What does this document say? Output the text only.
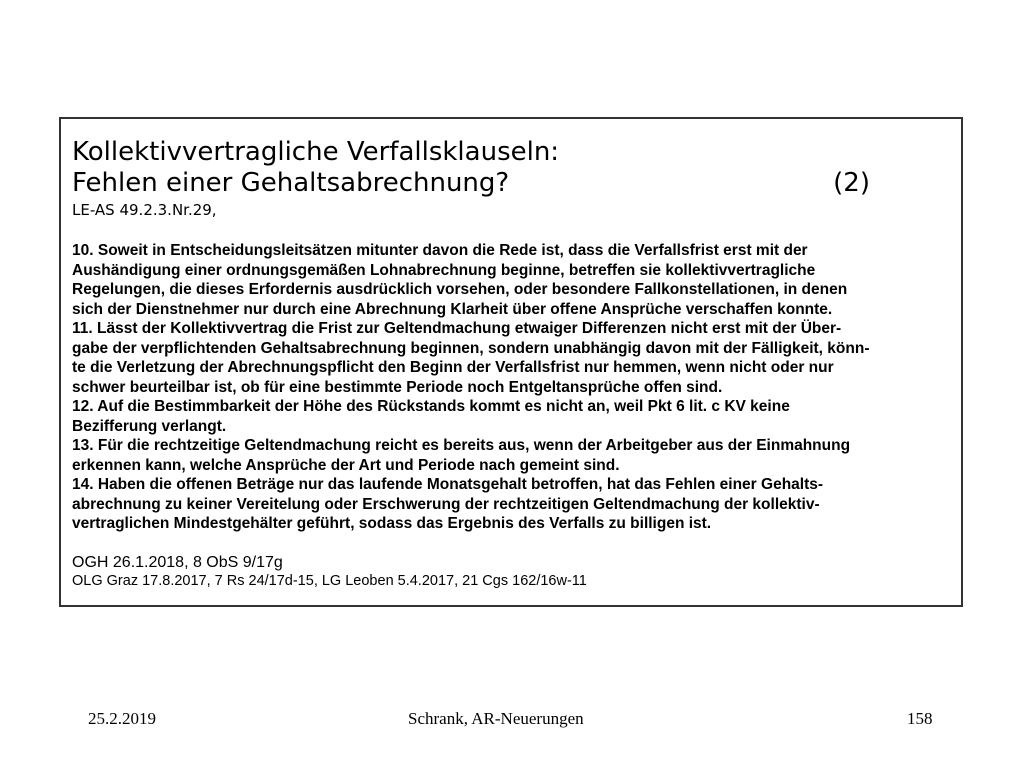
Kollektivvertragliche Verfallsklauseln:
Fehlen einer Gehaltsabrechnung?	(2)

LE-AS 49.2.3.Nr.29,

10. Soweit in Entscheidungsleitsätzen mitunter davon die Rede ist, dass die Verfallsfrist erst mit der
Aushändigung einer ordnungsgemäßen Lohnabrechnung beginne, betreffen sie kollektivvertragliche
Regelungen, die dieses Erfordernis ausdrücklich vorsehen, oder besondere Fallkonstellationen, in denen
sich der Dienstnehmer nur durch eine Abrechnung Klarheit über offene Ansprüche verschaffen konnte.

11. Lässt der Kollektivvertrag die Frist zur Geltendmachung etwaiger Differenzen nicht erst mit der Über-
gabe der verpflichtenden Gehaltsabrechnung beginnen, sondern unabhängig davon mit der Fälligkeit, könn-
te die Verletzung der Abrechnungspflicht den Beginn der Verfallsfrist nur hemmen, wenn nicht oder nur
schwer beurteilbar ist, ob für eine bestimmte Periode noch Entgeltansprüche offen sind.

12. Auf die Bestimmbarkeit der Höhe des Rückstands kommt es nicht an, weil Pkt 6 lit. c KV keine
Bezifferung verlangt.

13. Für die rechtzeitige Geltendmachung reicht es bereits aus, wenn der Arbeitgeber aus der Einmahnung
erkennen kann, welche Ansprüche der Art und Periode nach gemeint sind.

14. Haben die offenen Beträge nur das laufende Monatsgehalt betroffen, hat das Fehlen einer Gehalts-
abrechnung zu keiner Vereitelung oder Erschwerung der rechtzeitigen Geltendmachung der kollektiv-
vertraglichen Mindestgehälter geführt, sodass das Ergebnis des Verfalls zu billigen ist.

OGH 26.1.2018, 8 ObS 9/17g

OLG Graz 17.8.2017, 7 Rs 24/17d-15, LG Leoben 5.4.2017, 21 Cgs 162/16w-11

25.2.2019	Schrank, AR-Neuerungen	158
